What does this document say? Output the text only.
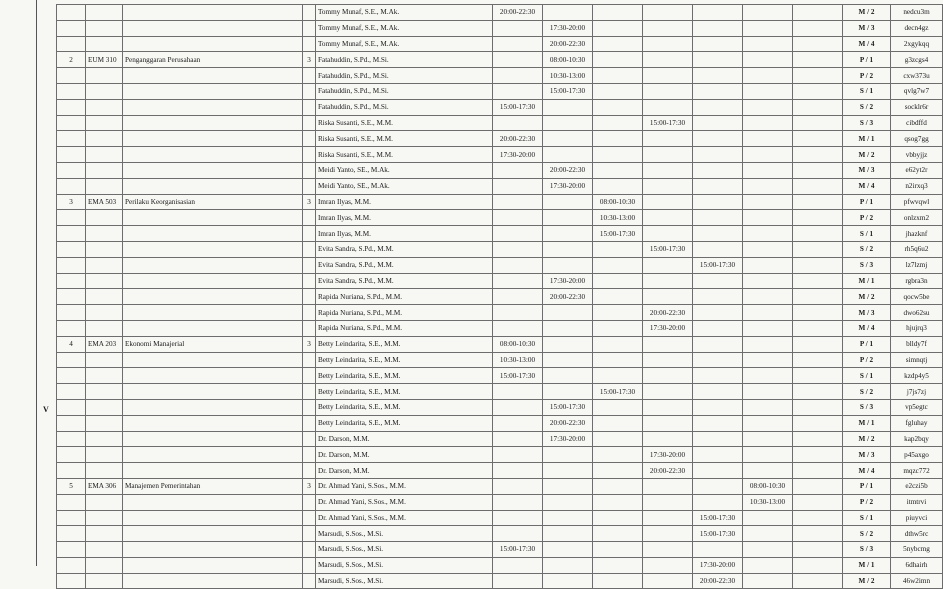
V
				Tommy Munaf, S.E., M.Ak.	20:00-22:30							M / 2	nedcu3m
				Tommy Munaf, S.E., M.Ak.		17:30-20:00						M / 3	decn4gz
				Tommy Munaf, S.E., M.Ak.		20:00-22:30						M / 4	2xgykqq
2	EUM 310	Penganggaran Perusahaan	3	Fatahuddin, S.Pd., M.Si.		08:00-10:30						P / 1	g3zcgs4
				Fatahuddin, S.Pd., M.Si.		10:30-13:00						P / 2	cxw373u
				Fatahuddin, S.Pd., M.Si.		15:00-17:30						S / 1	qvlg7w7
				Fatahuddin, S.Pd., M.Si.	15:00-17:30							S / 2	socklr6r
				Riska Susanti, S.E., M.M.				15:00-17:30				S / 3	cibdffd
				Riska Susanti, S.E., M.M.	20:00-22:30							M / 1	qsog7gg
				Riska Susanti, S.E., M.M.	17:30-20:00							M / 2	vbbyjjz
				Meidi Yanto, SE., M.Ak.		20:00-22:30						M / 3	e62yt2r
				Meidi Yanto, SE., M.Ak.		17:30-20:00						M / 4	n2irxq3
3	EMA 503	Perilaku Keorganisasian	3	Imran Ilyas, M.M.			08:00-10:30					P / 1	pfwvqwl
				Imran Ilyas, M.M.			10:30-13:00					P / 2	onlzxm2
				Imran Ilyas, M.M.			15:00-17:30					S / 1	jhazknf
				Evita Sandra, S.Pd., M.M.				15:00-17:30				S / 2	rh5q6u2
				Evita Sandra, S.Pd., M.M.					15:00-17:30			S / 3	lz7lzmj
				Evita Sandra, S.Pd., M.M.		17:30-20:00						M / 1	rgbra3n
				Rapida Nuriana, S.Pd., M.M.		20:00-22:30						M / 2	qocw5be
				Rapida Nuriana, S.Pd., M.M.				20:00-22:30				M / 3	dwo62su
				Rapida Nuriana, S.Pd., M.M.				17:30-20:00				M / 4	hjujrq3
4	EMA 203	Ekonomi Manajerial	3	Betty Leindarita, S.E., M.M.	08:00-10:30							P / 1	blldy7f
				Betty Leindarita, S.E., M.M.	10:30-13:00							P / 2	simnqtj
				Betty Leindarita, S.E., M.M.	15:00-17:30							S / 1	kzdp4y5
				Betty Leindarita, S.E., M.M.			15:00-17:30					S / 2	j7js7zj
				Betty Leindarita, S.E., M.M.		15:00-17:30						S / 3	vp5egtc
				Betty Leindarita, S.E., M.M.		20:00-22:30						M / 1	fgluhay
				Dr. Darson, M.M.		17:30-20:00						M / 2	kap2bqy
				Dr. Darson, M.M.				17:30-20:00				M / 3	p45axgo
				Dr. Darson, M.M.				20:00-22:30				M / 4	mqzc772
5	EMA 306	Manajemen Pemerintahan	3	Dr. Ahmad Yani, S.Sos., M.M.						08:00-10:30		P / 1	e2czi5b
				Dr. Ahmad Yani, S.Sos., M.M.						10:30-13:00		P / 2	itmtrvi
				Dr. Ahmad Yani, S.Sos., M.M.					15:00-17:30			S / 1	piuyvci
				Marsudi, S.Sos., M.Si.					15:00-17:30			S / 2	dthw5rc
				Marsudi, S.Sos., M.Si.	15:00-17:30							S / 3	5nybcmg
				Marsudi, S.Sos., M.Si.					17:30-20:00			M / 1	6dhairh
				Marsudi, S.Sos., M.Si.					20:00-22:30			M / 2	46w2imn
